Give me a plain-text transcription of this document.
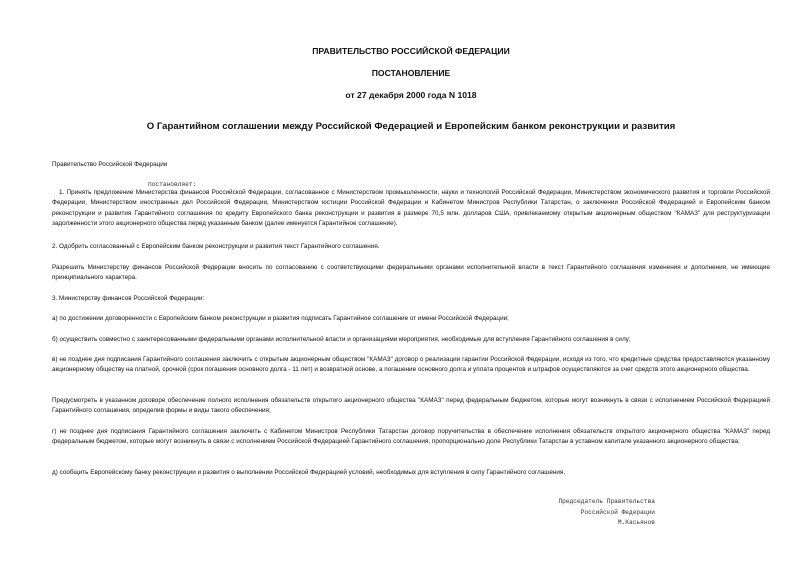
ПРАВИТЕЛЬСТВО РОССИЙСКОЙ ФЕДЕРАЦИИ
ПОСТАНОВЛЕНИЕ
от 27 декабря 2000 года N 1018
О Гарантийном соглашении между Российской Федерацией и Европейским банком реконструкции и развития

Правительство Российской Федерации

постановляет:

1. Принять предложение Министерства финансов Российской Федерации, согласованное с Министерством промышленности, науки и технологий Российской Федерации, Министерством экономического развития и торговли Российской Федерации, Министерством иностранных дел Российской Федерации, Министерством юстиции Российской Федерации и Кабинетом Министров Республики Татарстан, о заключении Российской Федерацией и Европейским банком реконструкции и развития Гарантийного соглашения по кредиту Европейского банка реконструкции и развития в размере 70,5 млн. долларов США, привлекаемому открытым акционерным обществом "КАМАЗ" для реструктуризации задолженности этого акционерного общества перед указанным банком (далее именуется Гарантийное соглашение).

2. Одобрить согласованный с Европейским банком реконструкции и развития текст Гарантийного соглашения.

Разрешить Министерству финансов Российской Федерации вносить по согласованию с соответствующими федеральными органами исполнительной власти в текст Гарантийного соглашения изменения и дополнения, не имеющие принципиального характера.

3. Министерству финансов Российской Федерации:

а) по достижении договоренности с Европейским банком реконструкции и развития подписать Гарантийное соглашение от имени Российской Федерации;

б) осуществить совместно с заинтересованными федеральными органами исполнительной власти и организациями мероприятия, необходимые для вступления Гарантийного соглашения в силу;

в) не позднее дня подписания Гарантийного соглашения заключить с открытым акционерным обществом "КАМАЗ" договор о реализации гарантии Российской Федерации, исходя из того, что кредитные средства предоставляются указанному акционерному обществу на платной, срочной (срок погашения основного долга - 11 лет) и возвратной основе, а погашение основного долга и уплата процентов и штрафов осуществляются за счет средств этого акционерного общества.

Предусмотреть в указанном договоре обеспечение полного исполнения обязательств открытого акционерного общества "КАМАЗ" перед федеральным бюджетом, которые могут возникнуть в связи с исполнением Российской Федерацией Гарантийного соглашения, определив формы и виды такого обеспечения;

г) не позднее дня подписания Гарантийного соглашения заключить с Кабинетом Министров Республики Татарстан договор поручительства в обеспечение исполнения обязательств открытого акционерного общества "КАМАЗ" перед федеральным бюджетом, которые могут возникнуть в связи с исполнением Российской Федерацией Гарантийного соглашения, пропорционально доле Республики Татарстан в уставном капитале указанного акционерного общества;

д) сообщить Европейскому банку реконструкции и развития о выполнении Российской Федерацией условий, необходимых для вступления в силу Гарантийного соглашения.

Председатель Правительства
Российской Федерации
М.Касьянов
